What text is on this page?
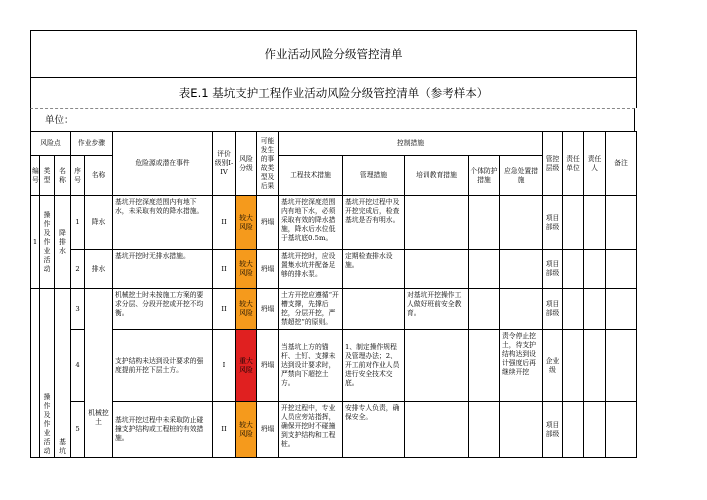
作业活动风险分级管控清单
表E.1 基坑支护工程作业活动风险分级管控清单（参考样本）
单位：
风险点			作业步骤		危险源或潜在事件	评价级别I-IV	风险分级	可能发生的事故类型及后果	控制措施					管控层级	责任单位	责任人	备注
编号	类型	名称	序号	名称					工程技术措施	管理措施	培训教育措施	个体防护措施	应急处置措施				
1	操作及作业活动	降排水	1	降水	基坑开挖深度范围内有地下水，未采取有效的降水措施。	II	较大风险	坍塌	基坑开挖深度范围内有地下水，必须采取有效的降水措施，降水后水位低于基坑底0.5m。	基坑开挖过程中及开挖完成后，检查基坑是否有明水。				项目部级			
			2	排水	基坑开挖时无排水措施。	II	较大风险	坍塌	基坑开挖时，应设置集水坑并配备足够的排水泵。	定期检查排水设施。				项目部级			
	操作及作业活动	基坑	3	机械挖土	机械挖土时未按施工方案的要求分层、分段开挖或开挖不均衡。	II	较大风险	坍塌	土方开挖应遵循“开槽支撑，先撑后挖，分层开挖，严禁超挖”的原则。		对基坑开挖操作工人做好班前安全教育。			项目部级			
			4		支护结构未达到设计要求的强度提前开挖下层土方。	I	重大风险	坍塌	当基坑上方的锚杆、土钉、支撑未达到设计要求时，严禁向下超挖土方。	1、制定操作规程及管理办法；2、开工前对作业人员进行安全技术交底。			责令停止挖土，待支护结构达到设计强度后再继续开挖	企业级			
			5		基坑开挖过程中未采取防止碰撞支护结构或工程桩的有效措施。	II	较大风险	坍塌	开挖过程中，专业人员应旁站指挥，确保开挖时不碰撞到支护结构和工程桩。	安排专人负责，确保安全。				项目部级			
